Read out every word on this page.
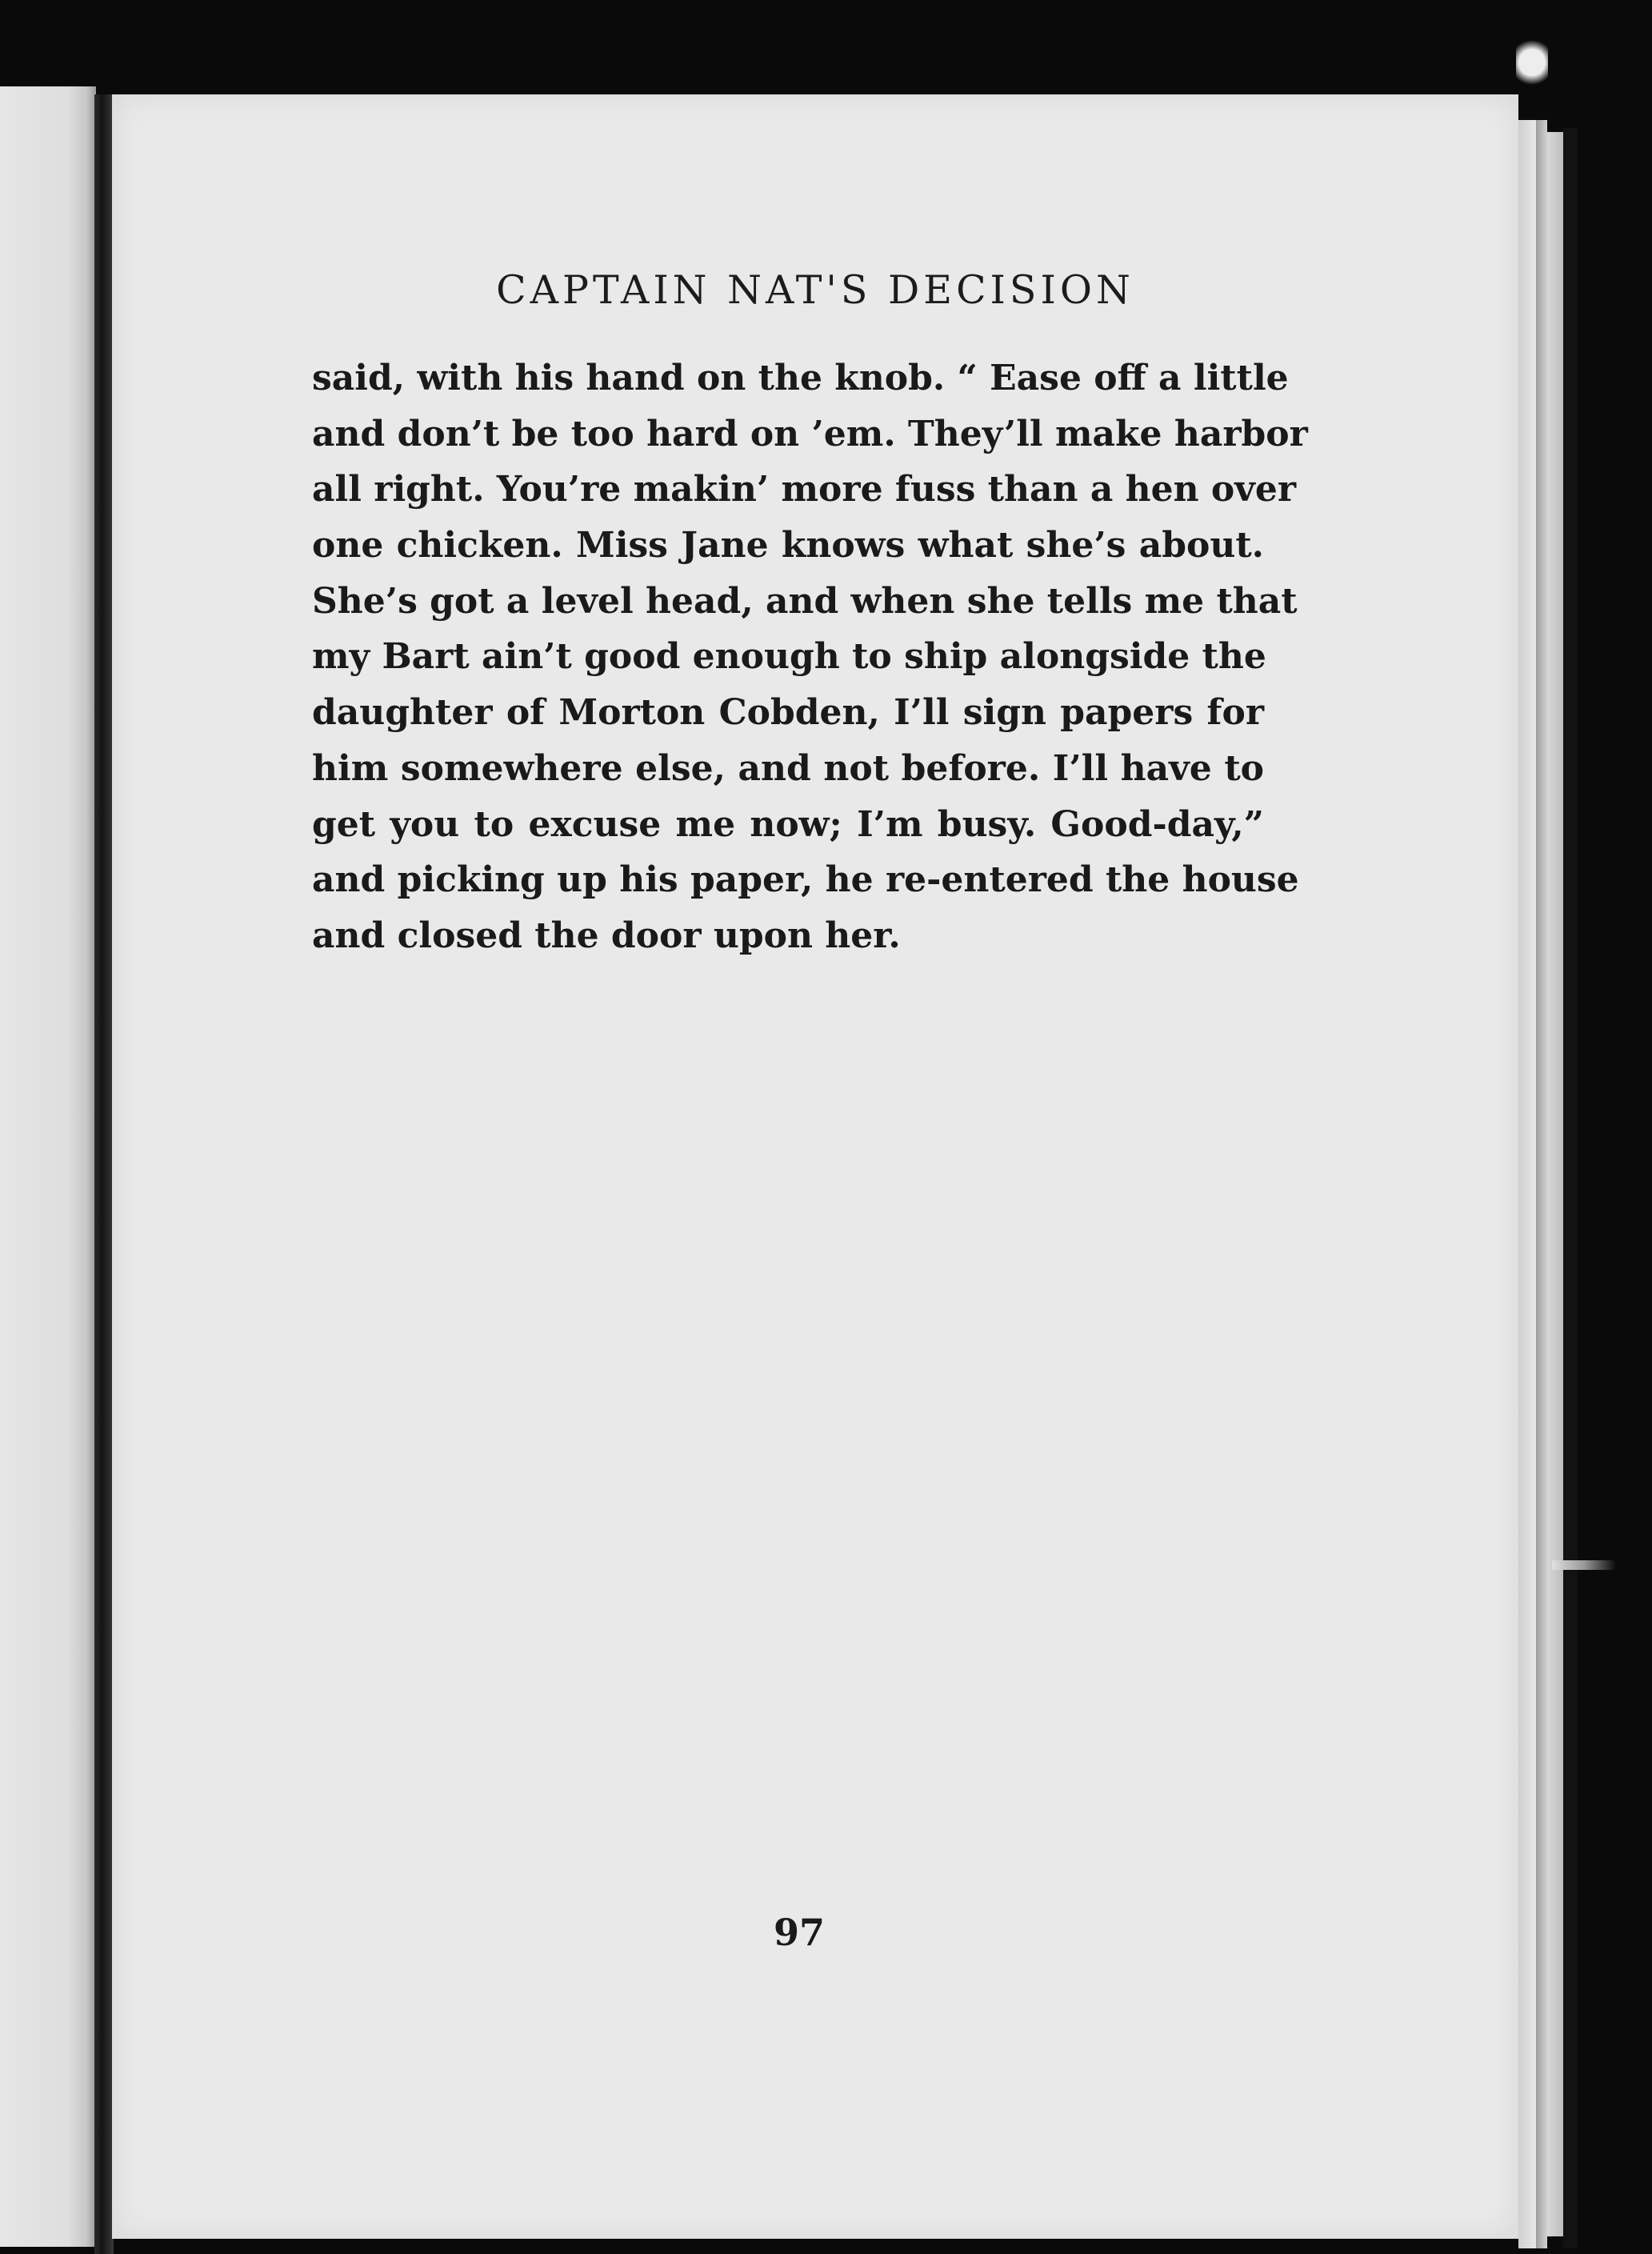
CAPTAIN NAT'S DECISION
said, with his hand on the knob. “ Ease off a little
and don’t be too hard on ’em. They’ll make harbor
all right. You’re makin’ more fuss than a hen over
one chicken. Miss Jane knows what she’s about.
She’s got a level head, and when she tells me that
my Bart ain’t good enough to ship alongside the
daughter of Morton Cobden, I’ll sign papers for
him somewhere else, and not before. I’ll have to
get you to excuse me now; I’m busy. Good-day,”
and picking up his paper, he re-entered the house
and closed the door upon her.
97
